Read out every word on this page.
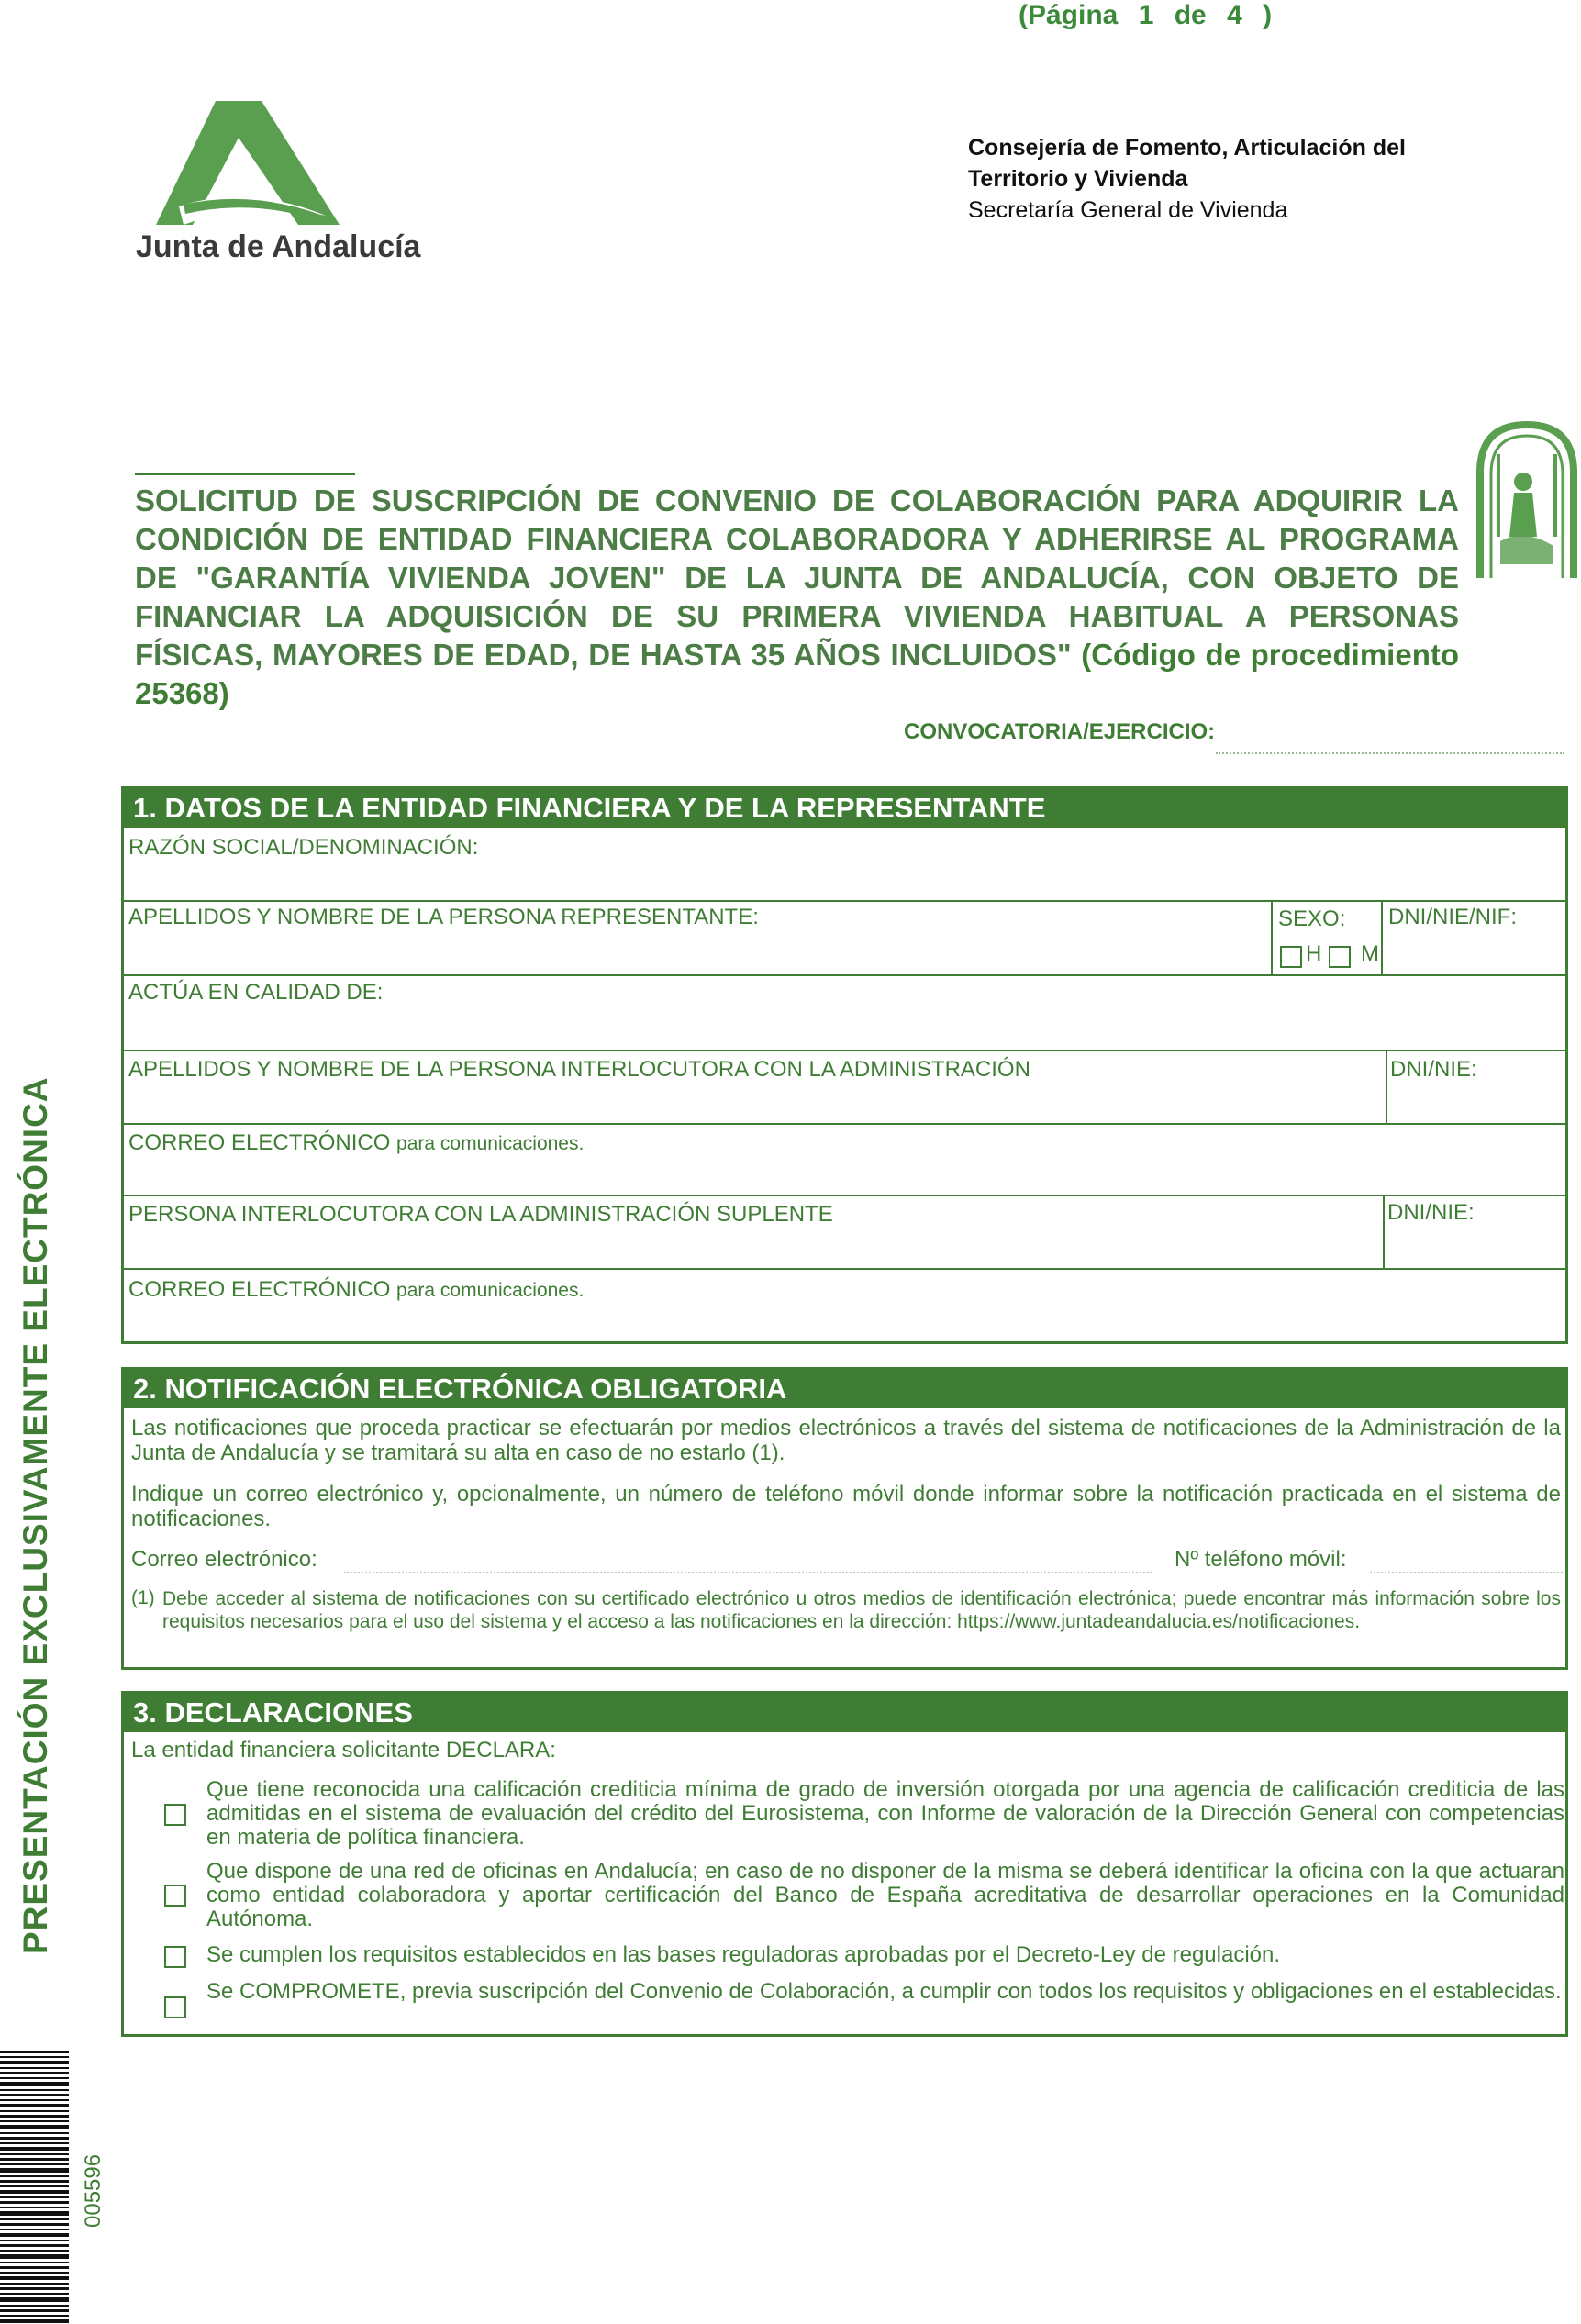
(Página 1 de 4 )
Junta de Andalucía
Consejería de Fomento, Articulación del
Territorio y Vivienda
Secretaría General de Vivienda
SOLICITUD DE SUSCRIPCIÓN DE CONVENIO DE COLABORACIÓN PARA ADQUIRIR LA CONDICIÓN DE ENTIDAD FINANCIERA COLABORADORA Y ADHERIRSE AL PROGRAMA DE "GARANTÍA VIVIENDA JOVEN" DE LA JUNTA DE ANDALUCÍA, CON OBJETO DE FINANCIAR LA ADQUISICIÓN DE SU PRIMERA VIVIENDA HABITUAL A PERSONAS FÍSICAS, MAYORES DE EDAD, DE HASTA 35 AÑOS INCLUIDOS" (Código de procedimiento 25368)
CONVOCATORIA/EJERCICIO:
1. DATOS DE LA ENTIDAD FINANCIERA Y DE LA REPRESENTANTE
RAZÓN SOCIAL/DENOMINACIÓN:
APELLIDOS Y NOMBRE DE LA PERSONA REPRESENTANTE:	SEXO:
H M
DNI/NIE/NIF:
ACTÚA EN CALIDAD DE:
APELLIDOS Y NOMBRE DE LA PERSONA INTERLOCUTORA CON LA ADMINISTRACIÓN	DNI/NIE:
CORREO ELECTRÓNICO para comunicaciones.
PERSONA INTERLOCUTORA CON LA ADMINISTRACIÓN SUPLENTE	DNI/NIE:
CORREO ELECTRÓNICO para comunicaciones.
2. NOTIFICACIÓN ELECTRÓNICA OBLIGATORIA
Las notificaciones que proceda practicar se efectuarán por medios electrónicos a través del sistema de notificaciones de la Administración de la Junta de Andalucía y se tramitará su alta en caso de no estarlo (1).
Indique un correo electrónico y, opcionalmente, un número de teléfono móvil donde informar sobre la notificación practicada en el sistema de notificaciones.
Correo electrónico:	Nº teléfono móvil:
(1) Debe acceder al sistema de notificaciones con su certificado electrónico u otros medios de identificación electrónica; puede encontrar más información sobre los requisitos necesarios para el uso del sistema y el acceso a las notificaciones en la dirección: https://www.juntadeandalucia.es/notificaciones.
3. DECLARACIONES
La entidad financiera solicitante DECLARA:
Que tiene reconocida una calificación crediticia mínima de grado de inversión otorgada por una agencia de calificación crediticia de las admitidas en el sistema de evaluación del crédito del Eurosistema, con Informe de valoración de la Dirección General con competencias en materia de política financiera.
Que dispone de una red de oficinas en Andalucía; en caso de no disponer de la misma se deberá identificar la oficina con la que actuaran como entidad colaboradora y aportar certificación del Banco de España acreditativa de desarrollar operaciones en la Comunidad Autónoma.
Se cumplen los requisitos establecidos en las bases reguladoras aprobadas por el Decreto-Ley de regulación.
Se COMPROMETE, previa suscripción del Convenio de Colaboración, a cumplir con todos los requisitos y obligaciones en el establecidas.
PRESENTACIÓN EXCLUSIVAMENTE ELECTRÓNICA
005596
